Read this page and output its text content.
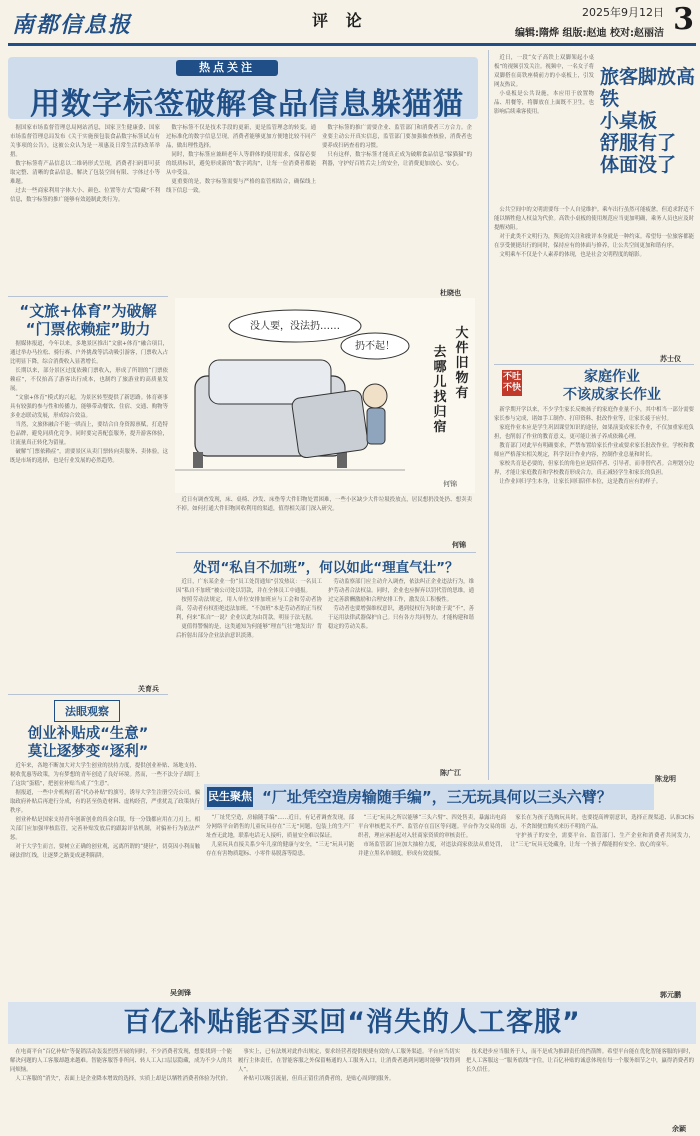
南都信息报	评 论	2025年9月12日
编辑:隋烨 组版:赵迪 校对:赵丽洁 3
热点关注
用数字标签破解食品信息躲猫猫

据国家市场监督管理总局网站消息，国家卫生健康委、国家市场监督管理总局发布《关于实施预包装食品数字标签试点有关事项的公告》，这被公众认为是一项惠及日常生活的改革举措。

数字标签将产品信息以二维码形式呈现，消费者扫码即可获取完整、清晰的食品信息，解决了包装空间有限、字体过小等难题。

过去一些商家利用字体大小、颜色、位置等方式“隐藏”不利信息，数字标签的推广能够有效遏制此类行为。

数字标签不仅是技术手段的更新，更是监管理念的转变。通过标准化的数字信息呈现，消费者能够更加方便地比较不同产品，做出理性选择。

同时，数字标签应兼顾老年人等群体的使用需求，保留必要的纸质标识，避免形成新的“数字鸿沟”，让每一位消费者都能从中受益。

更重要的是，数字标签需要与严格的监管相结合，确保线上线下信息一致。

数字标签的推广需要企业、监管部门和消费者三方合力。企业要主动公开真实信息，监管部门要加强抽查核验，消费者也要养成扫码查看的习惯。

只有这样，数字标签才能真正成为破解食品信息“躲猫猫”的利器，守护好百姓舌尖上的安全，让消费更加放心、安心。

杜晓也

近日，一段“女子高铁上双脚架起小桌板”的视频引发关注。视频中，一名女子将双脚搭在高铁座椅前方的小桌板上，引发网友热议。

小桌板是公共设施，本应用于放置物品、用餐等，将脚放在上面既不卫生，也影响后续乘客使用。

旅客脚放高铁
小桌板
舒服有了
体面没了

公共空间中的文明需要每一个人自觉维护。乘车出行虽然可能疲惫，但追求舒适不能以牺牲他人权益为代价。高铁小桌板的使用规范应当更加明确，乘务人员也应及时提醒劝阻。

对于此类不文明行为，舆论的关注和批评本身就是一种约束。希望每一位旅客都能在享受便捷出行的同时，保持应有的体面与修养，让公共空间更加和谐有序。

文明乘车不仅是个人素养的体现，也是社会文明程度的缩影。

苏士仪
不吐不快
家庭作业
不该成家长作业

新学期开学以来，不少学生家长反映孩子的家庭作业量不小，其中相当一部分需要家长参与完成，诸如手工制作、打印资料、批改作业等，让家长疲于应付。

家庭作业本应是学生巩固课堂知识的途径，如果演变成家长作业，不仅加重家庭负担，也削弱了作业的教育意义，更可能让孩子养成依赖心理。

教育部门对此早有明确要求，严禁布置给家长作业或要求家长批改作业。学校和教师应严格落实相关规定，科学设计作业内容，控制作业总量和时长。

家校共育是必要的，但家长的角色应是陪伴者、引导者，而非替代者。合理划分边界，才能让家庭教育和学校教育形成合力，真正减轻学生和家长的负担。

让作业回归学生本身，让家长回归陪伴本位，这是教育应有的样子。

陈龙明
“文旅+体育”为破解
“门票依赖症”助力

据媒体报道，今年以来，多地景区推出“文旅+体育”融合项目，通过举办马拉松、骑行赛、户外挑战等活动吸引游客，门票收入占比明显下降，综合消费收入显著增长。

长期以来，部分景区过度依赖门票收入，形成了所谓的“门票依赖症”，不仅抬高了游客出行成本，也制约了旅游业的高质量发展。

“文旅+体育”模式的兴起，为景区转型提供了新思路。体育赛事具有较强的参与性和传播力，能够带动餐饮、住宿、交通、购物等多业态联动发展，形成综合效益。

当然，文旅体融合不能一哄而上，要结合自身资源禀赋，打造特色品牌，避免同质化竞争。同时要完善配套服务，提升游客体验，让流量真正转化为留量。

破解“门票依赖症”，需要景区从卖门票转向卖服务、卖体验，这既是市场的选择，也是行业发展的必然趋势。

关育兵
没人要，没法扔……
扔不起！
何锦
去
哪
儿
找
归
宿
大
件
旧
物
有

近日有调查发现，床、桌椅、沙发、床垫等大件旧物处置困难，一些小区缺少大件垃圾投放点，居民想扔没处扔、想卖卖不掉。如何打通大件旧物回收利用的渠道，值得相关部门深入研究。

何锦
处罚“私自不加班”，何以如此“理直气壮”？

近日，广东某企业一份“员工处罚通知”引发热议：一名员工因“私自不加班”被公司处以罚款，并在全体员工中通报。

按照劳动法规定，用人单位安排加班应与工会和劳动者协商，劳动者有权拒绝违法加班。“不加班”本是劳动者的正当权利，何来“私自”一说？企业以此为由罚款，明显于法无据。

更值得警惕的是，这类通知为何能够“理直气壮”地发出？背后折射出部分企业法治意识淡薄。

劳动监察部门应主动介入调查，依法纠正企业违法行为，维护劳动者合法权益。同时，企业也应摒弃以罚代管的思维，通过完善薪酬激励和合理安排工作，激发员工积极性。

劳动者也要增强维权意识，遇到侵权行为时敢于说“不”，善于运用法律武器保护自己。只有各方共同努力，才能构建和谐稳定的劳动关系。

陈广江
法眼观察
创业补贴成“生意”
莫让逐梦变“逐利”

近年来，各地不断加大对大学生创业的扶持力度，提供创业补贴、场地支持、税收优惠等政策，为有梦想的青年创造了良好环境。然而，一些不法分子却盯上了这块“蛋糕”，把创业补贴当成了“生意”。

据报道，一些中介机构打着“代办补贴”的旗号，诱导大学生注册空壳公司，骗取政府补贴后再进行分成，有的甚至伪造材料、虚构经营，严重扰乱了政策执行秩序。

创业补贴是国家支持青年创新创业的真金白银，每一分钱都应用在刀刃上。相关部门应加强审核监管，完善补贴发放后的跟踪评估机制，对骗补行为依法严惩。

对于大学生而言，要树立正确的创业观，远离所谓的“捷径”，切莫因小利而触碰法律红线，让逐梦之路变成逐利陷阱。

吴剑锋
民生聚焦 “厂址凭空造房输随手编”，三无玩具何以三头六臂？

“厂址凭空造，房输随手编”……近日，有记者调查发现，部分网络平台销售的儿童玩具存在“三无”问题，包装上的生产厂址查无此地，联系电话无人接听，质量安全难以保证。

儿童玩具直接关系少年儿童的健康与安全，“三无”玩具可能存在有害物质超标、小零件易脱落等隐患。

“三无”玩具之所以能够“三头六臂”、四处售卖，暴露出电商平台审核把关不严、监管存在盲区等问题。平台作为交易的组织者，理应承担起对入驻商家资质的审核责任。

市场监管部门应加大抽检力度，对违法商家依法从重处罚，并建立黑名单制度，形成有效震慑。

家长在为孩子选购玩具时，也要提高辨别意识，选择正规渠道、认准3C标志，不贪图便宜购买来历不明的产品。

守护孩子的安全，需要平台、监管部门、生产企业和消费者共同发力，让“三无”玩具无处藏身，让每一个孩子都能拥有安全、放心的童年。

郭元鹏
百亿补贴能否买回“消失的人工客服”

在电商平台“百亿补贴”等促销活动轰轰烈烈开展的同时，不少消费者发现，想要找到一个能解决问题的人工客服却越来越难。智能客服答非所问、转人工入口层层隐藏，成为不少人的共同烦恼。

人工客服的“消失”，表面上是企业降本增效的选择，实质上却是以牺牲消费者体验为代价。

事实上，已有法规对此作出规定，要求经营者提供便捷有效的人工服务渠道。平台应当切实履行主体责任，在智能客服之外保留畅通的人工服务入口，让消费者遇到问题时能够“找得到人”。

补贴可以吸引流量，但真正留住消费者的，是贴心周到的服务。

技术进步应当服务于人，而不是成为推卸责任的挡箭牌。希望平台能在优化智能客服的同时，把人工客服这一“服务底线”守住，让百亿补贴的诚意体现在每一个服务细节之中，赢得消费者的长久信任。

余颖
